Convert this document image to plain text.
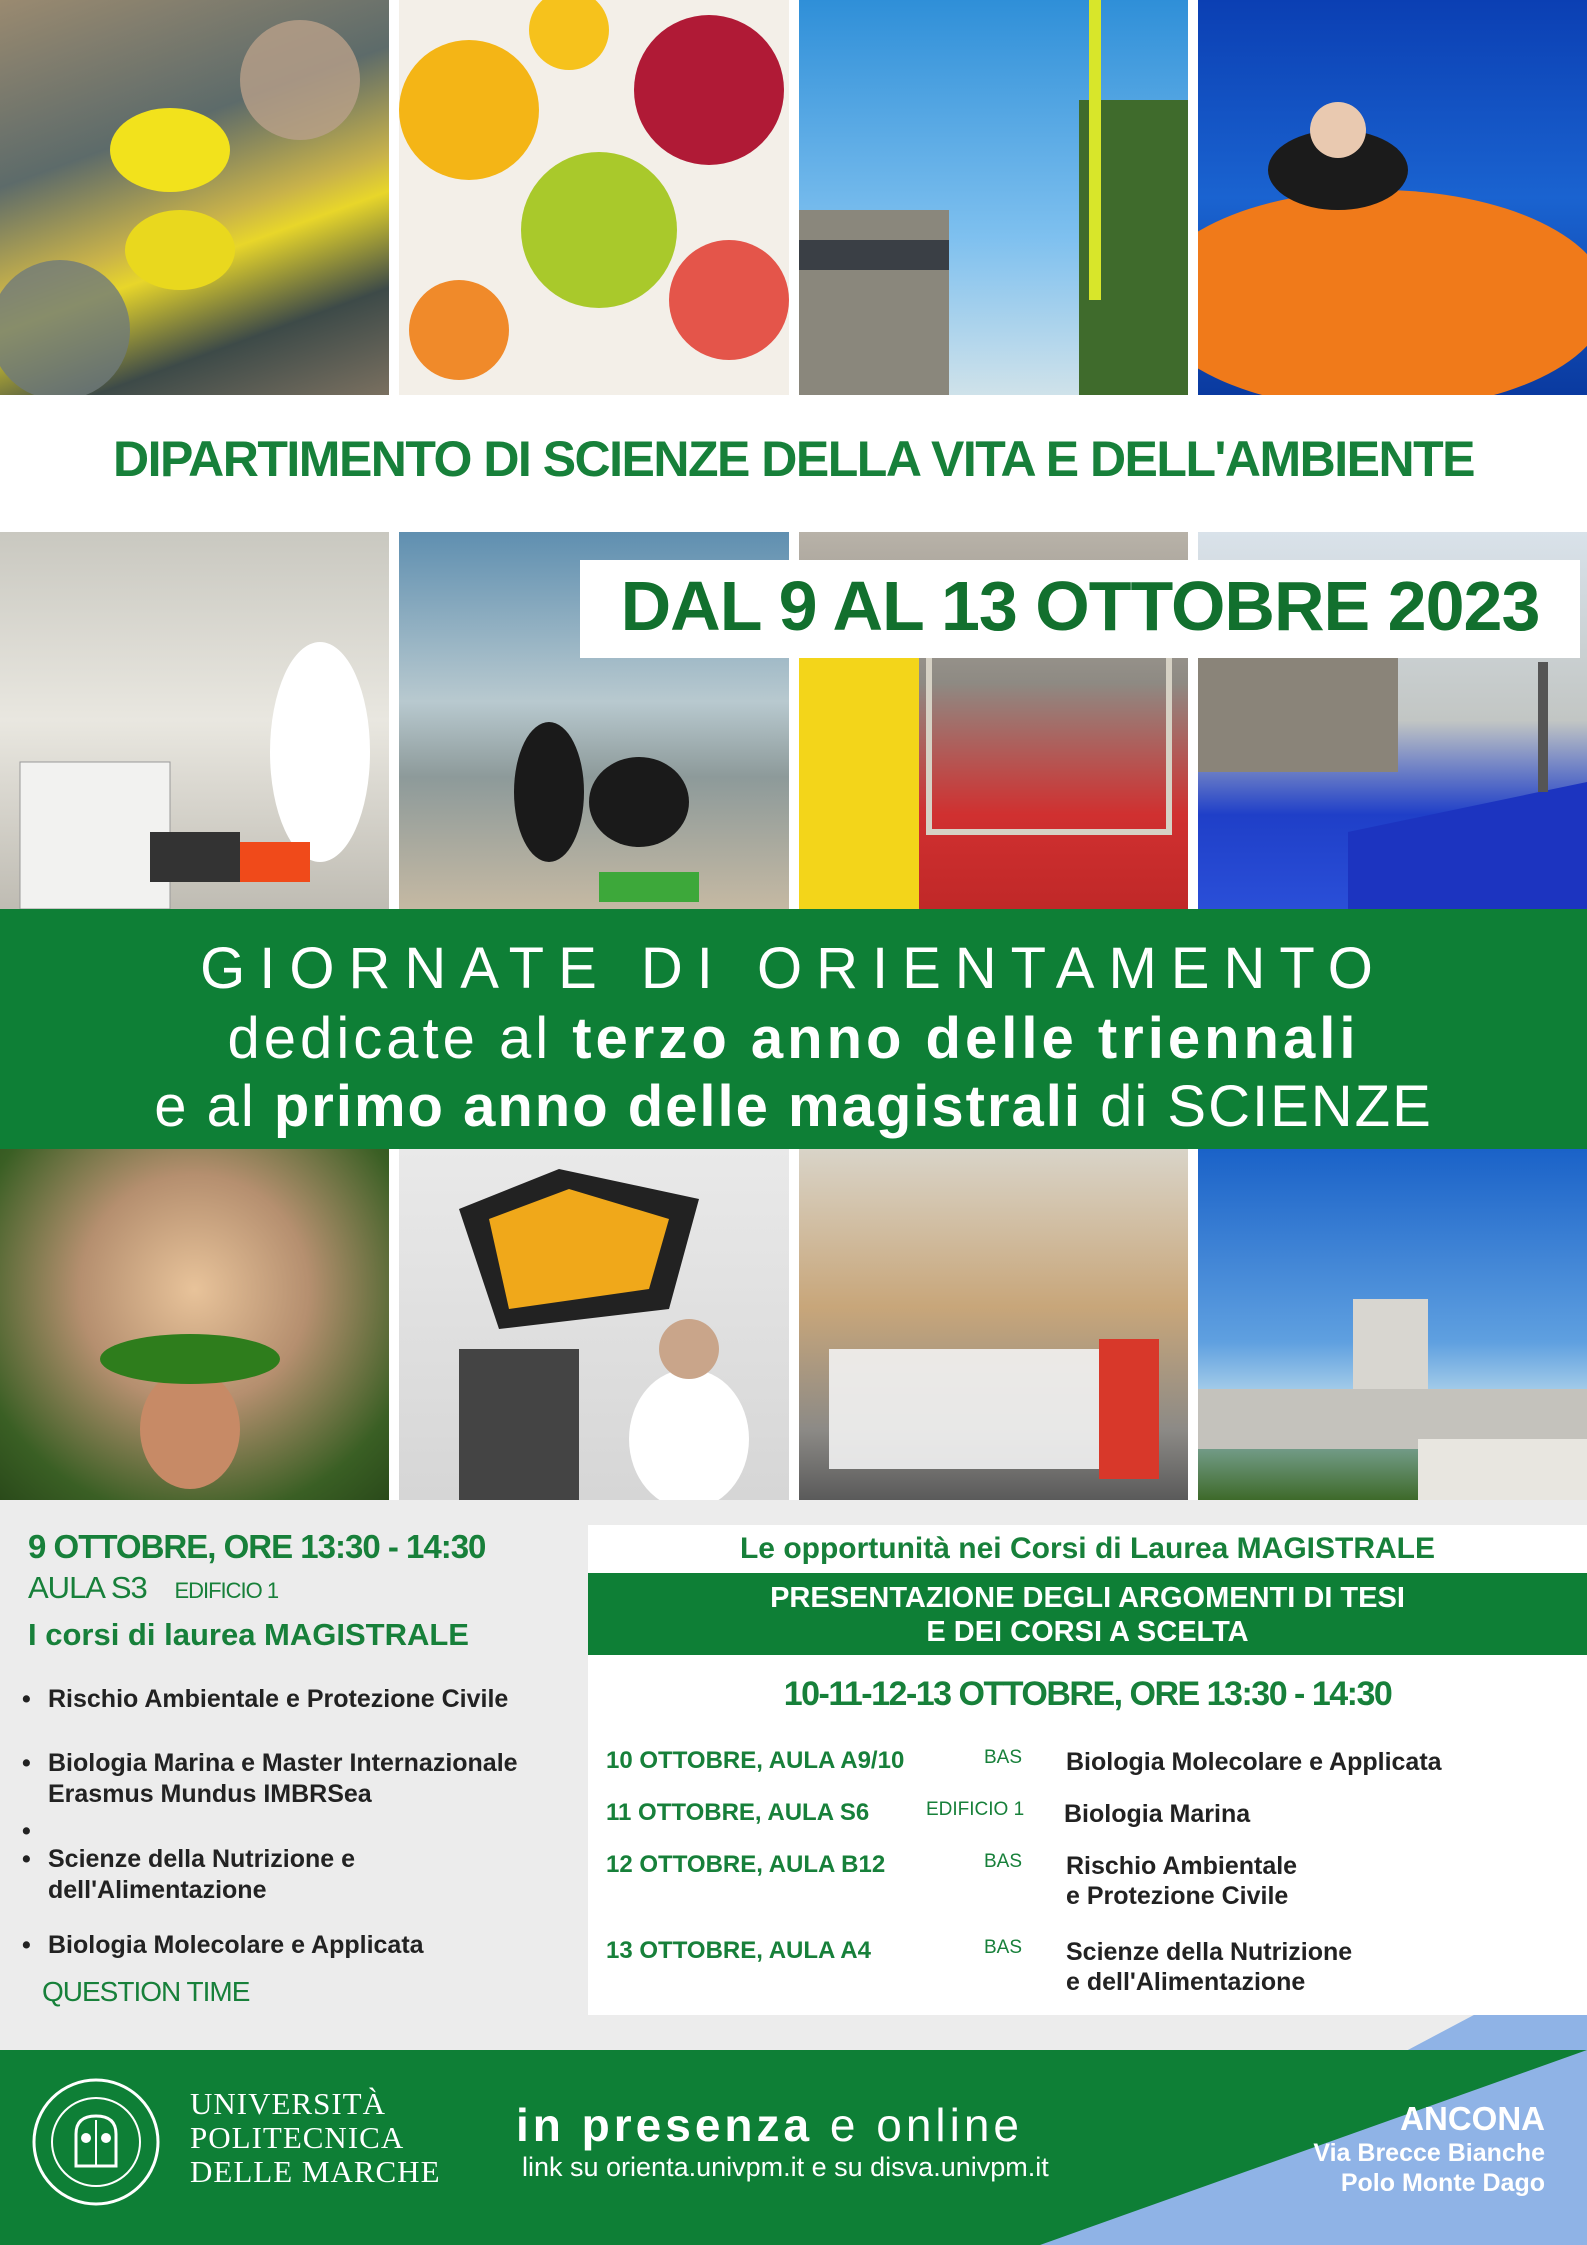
DIPARTIMENTO DI SCIENZE DELLA VITA E DELL'AMBIENTE
DAL 9 AL 13 OTTOBRE 2023
GIORNATE DI ORIENTAMENTO
dedicate al terzo anno delle triennali
e al primo anno delle magistrali di SCIENZE
9 OTTOBRE, ORE 13:30 - 14:30
AULA S3 EDIFICIO 1
I corsi di laurea MAGISTRALE
• Rischio Ambientale e Protezione Civile
• Biologia Marina e Master Internazionale
Erasmus Mundus IMBRSea
• Scienze della Nutrizione e
dell'Alimentazione
• Biologia Molecolare e Applicata
QUESTION TIME
Le opportunità nei Corsi di Laurea MAGISTRALE
PRESENTAZIONE DEGLI ARGOMENTI DI TESI
E DEI CORSI A SCELTA
10-11-12-13 OTTOBRE, ORE 13:30 - 14:30
10 OTTOBRE, AULA A9/10	BAS Biologia Molecolare e Applicata
11 OTTOBRE, AULA S6	EDIFICIO 1 Biologia Marina
12 OTTOBRE, AULA B12	BAS Rischio Ambientale
e Protezione Civile
13 OTTOBRE, AULA A4	BAS Scienze della Nutrizione
e dell'Alimentazione
UNIVERSITÀ
POLITECNICA
DELLE MARCHE
in presenza e online
link su orienta.univpm.it e su disva.univpm.it
ANCONA
Via Brecce Bianche
Polo Monte Dago
